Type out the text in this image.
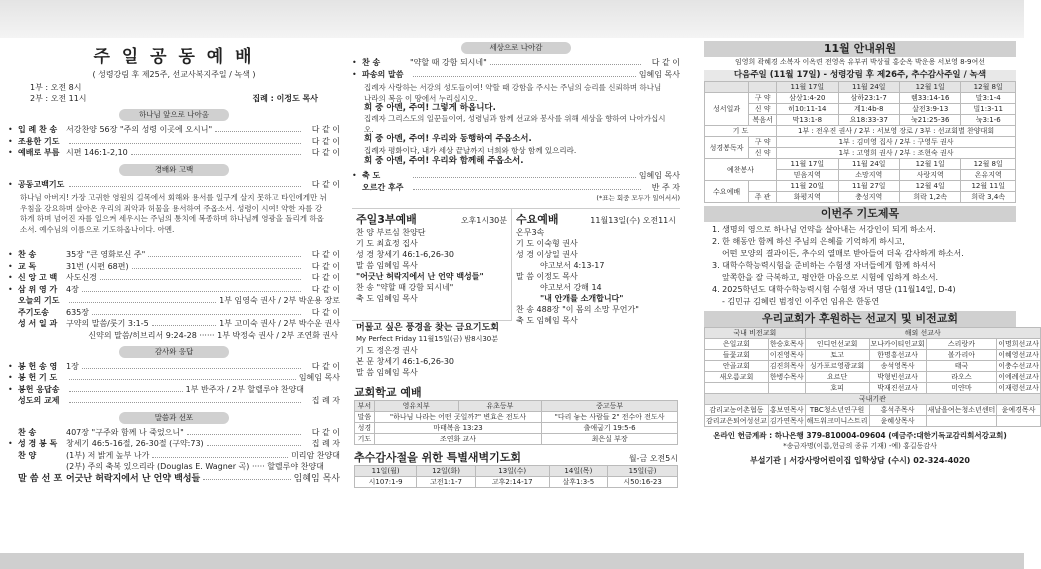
주 일 공 동 예 배
( 성령강림 후 제25주, 선교사복지주일 / 녹색 )
1부 : 오전 8시
2부 : 오전 11시	집례 : 이정도 목사
하나님 앞으로 나아옴
• 입 례 찬 송	서강찬양 56장 "주의 성령 이곳에 오시니"	다 같 이
• 조용한 기도	다 같 이
• 예배로 부름 시편 146:1-2,10	다 같 이
경배와 고백
• 공동고백기도	다 같 이
하나님 아버지! 가장 고귀한 영원의 길목에서 회해와 용서를 일구게 살지 못하고 타인에게만 뉘우침을 강요하며 살아온 우리의 죄악과 허물을 용서하여 주옵소서. 성령이 시여! 약한 자를 강하게 하며 넘어진 자를 일으켜 세우시는 주님의 통치에 복종하며 하나님께 영광을 돌리게 하옵소서. 예수님의 이름으로 기도하옵나이다. 아멘.
• 찬 송	35장 "큰 영화로신 주"	다 같 이
• 교 독	31번 (시편 68편)	다 같 이
• 신 앙 고 백	사도신경	다 같 이
• 삼 위 영 가	4장	다 같 이
오늘의 기도	1부 임영숙 권사 / 2부 박운용 장로
주기도송	635장	다 같 이
성 서 일 과	구약의 말씀/룻기 3:1-5	1부 고미숙 권사 / 2부 박수운 권사
신약의 말씀/히브리서 9:24-28 ······ 1부 박정숙 권사 / 2부 조연화 권사
감사와 응답
• 봉 헌 송 영	1장	다 같 이
• 봉 헌 기 도	임혜임 목사
• 봉헌 응답송	1부 반주자 / 2부 할렐루야 찬양대
성도의 교제	집 례 자
말씀과 선포
찬 송	407장 "구주와 함께 나 죽었으니"	다 같 이
• 성 경 봉 독	창세기 46:5-16절, 26-30절 (구약:73)	집 례 자
찬 양	(1부) 저 밝게 높부 나가	미리암 찬양대
(2부) 주의 축복 있으리라 (Douglas E. Wagner 곡) ····· 할렐루야 찬양대
말 씀 선 포 어긋난 허락지에서 난 언약 백성들	임혜임 목사
세상으로 나아감
• 찬 송	"약할 때 강함 되시네"	다 같 이
• 파송의 말씀	임혜임 목사
집례자 사랑하는 서강의 성도들이여! 약할 때 강함을 주시는 주님의 승리를 신뢰하며 하나님 나라의 복음 이 땅에서 누리십시오.
회 중 아멘, 주여! 그렇게 하옵니다.
집례자 그리스도의 일꾼들이여, 성령님과 함께 선교와 봉사를 위해 세상을 향하여 나아가십시오.
회 중 아멘, 주여! 우리와 동행하여 주옵소서.
집례자 평화이다, 내가 세상 끝날까지 너희와 항상 함께 있으리라.
회 중 아멘, 주여! 우리와 함께해 주옵소서.
• 축 도	임혜임 목사
오르간 후주	반 주 자
(*표는 회중 모두가 일어서서)
주일3부예배	오후1시30분
찬 양 부르심 찬양단
기 도 최효정 집사
성 경 창세기 46:1-6,26-30
말 씀 임혜임 목사
"어긋난 허락지에서 난 언약 백성들"
찬 송 "약할 때 강함 되시네"
축 도 임혜임 목사
수요예배	11월13일(수) 오전11시
온무3속
기 도 이숙형 권사
성 경 이상일 권사
야고보서 4:13-17
말 씀 이정도 목사
야고보서 강해 14
"내 안개를 소개합니다"
찬 송 488장 "이 몸의 소망 무언가"
축 도 임혜임 목사
머물고 싶은 풍경을 찾는 금요기도회
My Perfect Friday 11월15일(금) 밤8시30분
기 도 정은경 권사
본 문 창세기 46:1-6,26-30
말 씀 임혜임 목사
교회학교 예배
부서	영유치부	유초등부	중고등부
말씀	"하나님 나라는 어떤 곳일까?" 변효은 전도사		"다리 놓는 사람들 2" 전수아 전도사
성경	마태복음 13:23		출애굽기 19:5-6
기도	조연화 교사		최은실 부장
추수감사절을 위한 특별새벽기도회	월-금 오전5시
11일(월)	12일(화)	13일(수)	14일(목)	15일(금)
시107:1-9	고전1:1-7	고후2:14-17	살후1:3-5	시50:16-23
11월 안내위원
임영희 곽혜경 소복자 이옥련 전영옥 유부귀 박상필 홍순옥 박운용 서보영 8-9여선
다음주일 (11월 17일) - 성령강림 후 제26주, 추수감사주일 / 녹색
		11월 17일	11월 24일	12월 1일	12월 8일
성서일과	구 약	삼상1:4-20	삼하23:1-7	렘33:14-16	말3:1-4
	신 약	히10:11-14	계1:4b-8	살전3:9-13	빌1:3-11
	복음서	막13:1-8	요18:33-37	눅21:25-36	눅3:1-6
기 도		1부 : 전우진 권사 / 2부 : 서보영 장로 / 3부 : 선교회별 찬양대회			
성경봉독자	구 약	1부 : 김미영 집사 / 2부 : 구영두 권사			
	신 약	1부 : 고영희 권사 / 2부 : 조현숙 권사			
예찬봉사		11월 17일	11월 24일	12월 1일	12월 8일
		믿음지역	소망지역	사랑지역	온유지역
수요예배		11월 20일	11월 27일	12월 4일	12월 11일
	주 관	화평지역	충성지역	희락 1,2속	희락 3,4속
이번주 기도제목
1. 생명의 영으로 하나님 언약을 살아내는 서강인이 되게 하소서.
2. 한 해동안 함께 하신 주님의 은혜를 기억하게 하시고,
어떤 모양의 결과이든, 추수의 열매로 받아들여 더욱 감사하게 하소서.
3. 대학수학능력시험을 준비하는 수험생 자녀들에게 함께 하셔서
앞쪽한을 잘 극복하고, 평안한 마음으로 시험에 임하게 하소서.
4. 2025학년도 대학수학능력시험 수험생 자녀 명단 (11월14일, D-4)
- 김민규 김혜린 범정인 이주언 임유은 한동연
우리교회가 후원하는 선교지 및 비전교회
국내 비전교회		해외 선교사			
은일교회	한승호목사	인디언선교회	모나카이티인교회	스리랑카	이명희선교사
들꽃교회	이진영목사	토고	한명흥선교사	볼가리아	이혜영선교사
안골교회	김진희목사	싱가포르영광교회	송석영목사	태국	이충수선교사
새오름교회	한병수목사	요르단	박형빈선교사	라오스	이에례선교사
		호피	박재진선교사	미얀마	이재령선교사
국내기관					
감리교농어촌협동	홍보연목사	TBC청소년연구원	홍석주목사	새날을여는청소년센터	윤예경목사
감리교은퇴여성선교	김가연목사	해드워크미니스트리	윤혜상목사		
온라인 헌금계좌 : 하나은행 379-810004-09604 (예금주:대한기독교감리회서강교회)
*송금자명(이름,헌금의 종류 기재) -예) 홍길동감사
부설기관 | 서강사랑어린이집 입학상담 (수시) 02-324-4020
